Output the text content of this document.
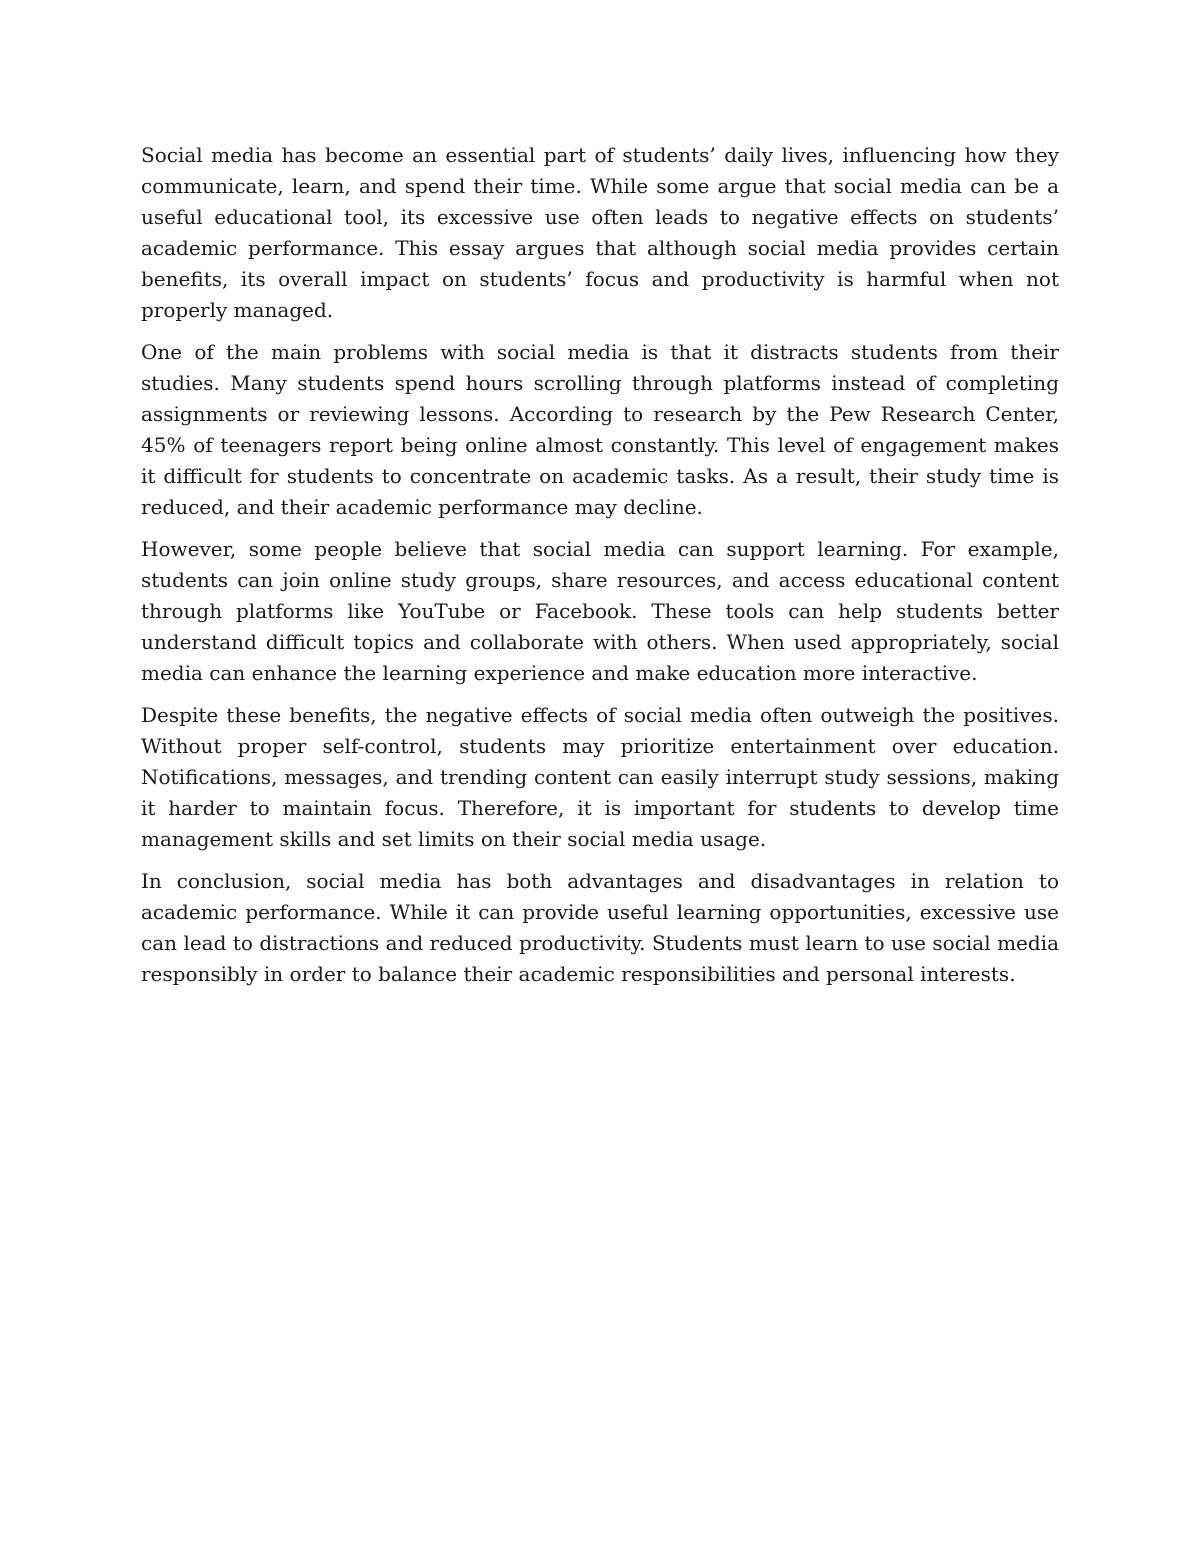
Social media has become an essential part of students’ daily lives, influencing how they communicate, learn, and spend their time. While some argue that social media can be a useful educational tool, its excessive use often leads to negative effects on students’ academic performance. This essay argues that although social media provides certain benefits, its overall impact on students’ focus and productivity is harmful when not properly managed.

One of the main problems with social media is that it distracts students from their studies. Many students spend hours scrolling through platforms instead of completing assignments or reviewing lessons. According to research by the Pew Research Center, 45% of teenagers report being online almost constantly. This level of engagement makes it difficult for students to concentrate on academic tasks. As a result, their study time is reduced, and their academic performance may decline.

However, some people believe that social media can support learning. For example, students can join online study groups, share resources, and access educational content through platforms like YouTube or Facebook. These tools can help students better understand difficult topics and collaborate with others. When used appropriately, social media can enhance the learning experience and make education more interactive.

Despite these benefits, the negative effects of social media often outweigh the positives. Without proper self-control, students may prioritize entertainment over education. Notifications, messages, and trending content can easily interrupt study sessions, making it harder to maintain focus. Therefore, it is important for students to develop time management skills and set limits on their social media usage.

In conclusion, social media has both advantages and disadvantages in relation to academic performance. While it can provide useful learning opportunities, excessive use can lead to distractions and reduced productivity. Students must learn to use social media responsibly in order to balance their academic responsibilities and personal interests.
